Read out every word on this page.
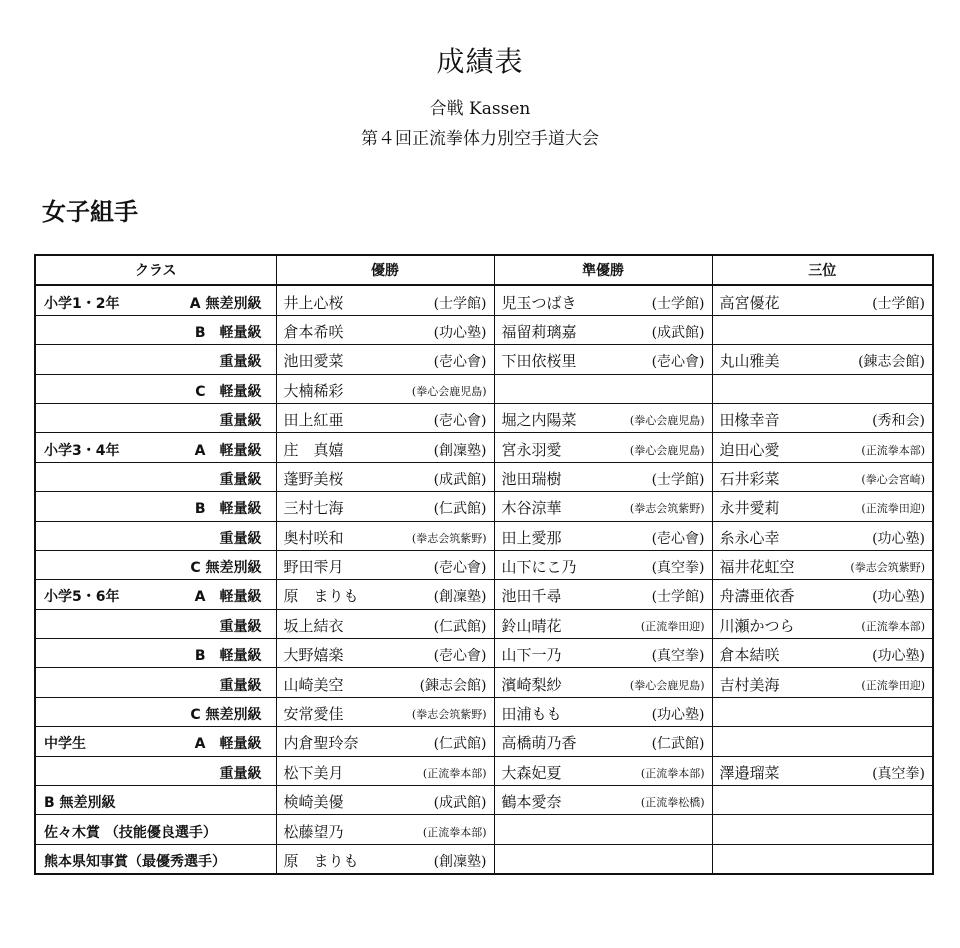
成績表
合戦 Kassen
第４回正流拳体力別空手道大会
女子組手
クラス	優勝	準優勝	三位

小学1・2年 A 無差別級	井上心桜 (士学館)	児玉つばき (士学館)	高宮優花 (士学館)

B　軽量級	倉本希咲 (功心塾)	福留莉璃嘉 (成武館)	

重量級	池田愛菜 (壱心會)	下田依桜里 (壱心會)	丸山雅美 (錬志会館)

C　軽量級	大楠稀彩 (拳心会鹿児島)		

重量級	田上紅亜 (壱心會)	堀之内陽菜 (拳心会鹿児島)	田椽幸音 (秀和会)

小学3・4年 A　軽量級	庄　真嬉 (創凜塾)	宮永羽愛 (拳心会鹿児島)	迫田心愛 (正流拳本部)

重量級	蓬野美桜 (成武館)	池田瑞樹 (士学館)	石井彩菜 (拳心会宮崎)

B　軽量級	三村七海 (仁武館)	木谷涼華 (拳志会筑紫野)	永井愛莉 (正流拳田迎)

重量級	奥村咲和 (拳志会筑紫野)	田上愛那 (壱心會)	糸永心幸 (功心塾)

C 無差別級	野田雫月 (壱心會)	山下にこ乃 (真空拳)	福井花虹空 (拳志会筑紫野)

小学5・6年 A　軽量級	原　まりも (創凜塾)	池田千尋 (士学館)	舟濤亜依香 (功心塾)

重量級	坂上結衣 (仁武館)	鈴山晴花 (正流拳田迎)	川瀬かつら (正流拳本部)

B　軽量級	大野嬉楽 (壱心會)	山下一乃 (真空拳)	倉本結咲 (功心塾)

重量級	山崎美空 (錬志会館)	濱崎梨紗 (拳心会鹿児島)	吉村美海 (正流拳田迎)

C 無差別級	安常愛佳 (拳志会筑紫野)	田浦もも (功心塾)	

中学生 A　軽量級	内倉聖玲奈 (仁武館)	高橋萌乃香 (仁武館)	

重量級	松下美月 (正流拳本部)	大森妃夏 (正流拳本部)	澤邉瑠菜 (真空拳)

B 無差別級	検崎美優 (成武館)	鶴本愛奈 (正流拳松橋)	

佐々木賞 （技能優良選手）	松藤望乃 (正流拳本部)		

熊本県知事賞（最優秀選手）	原　まりも (創凜塾)		
